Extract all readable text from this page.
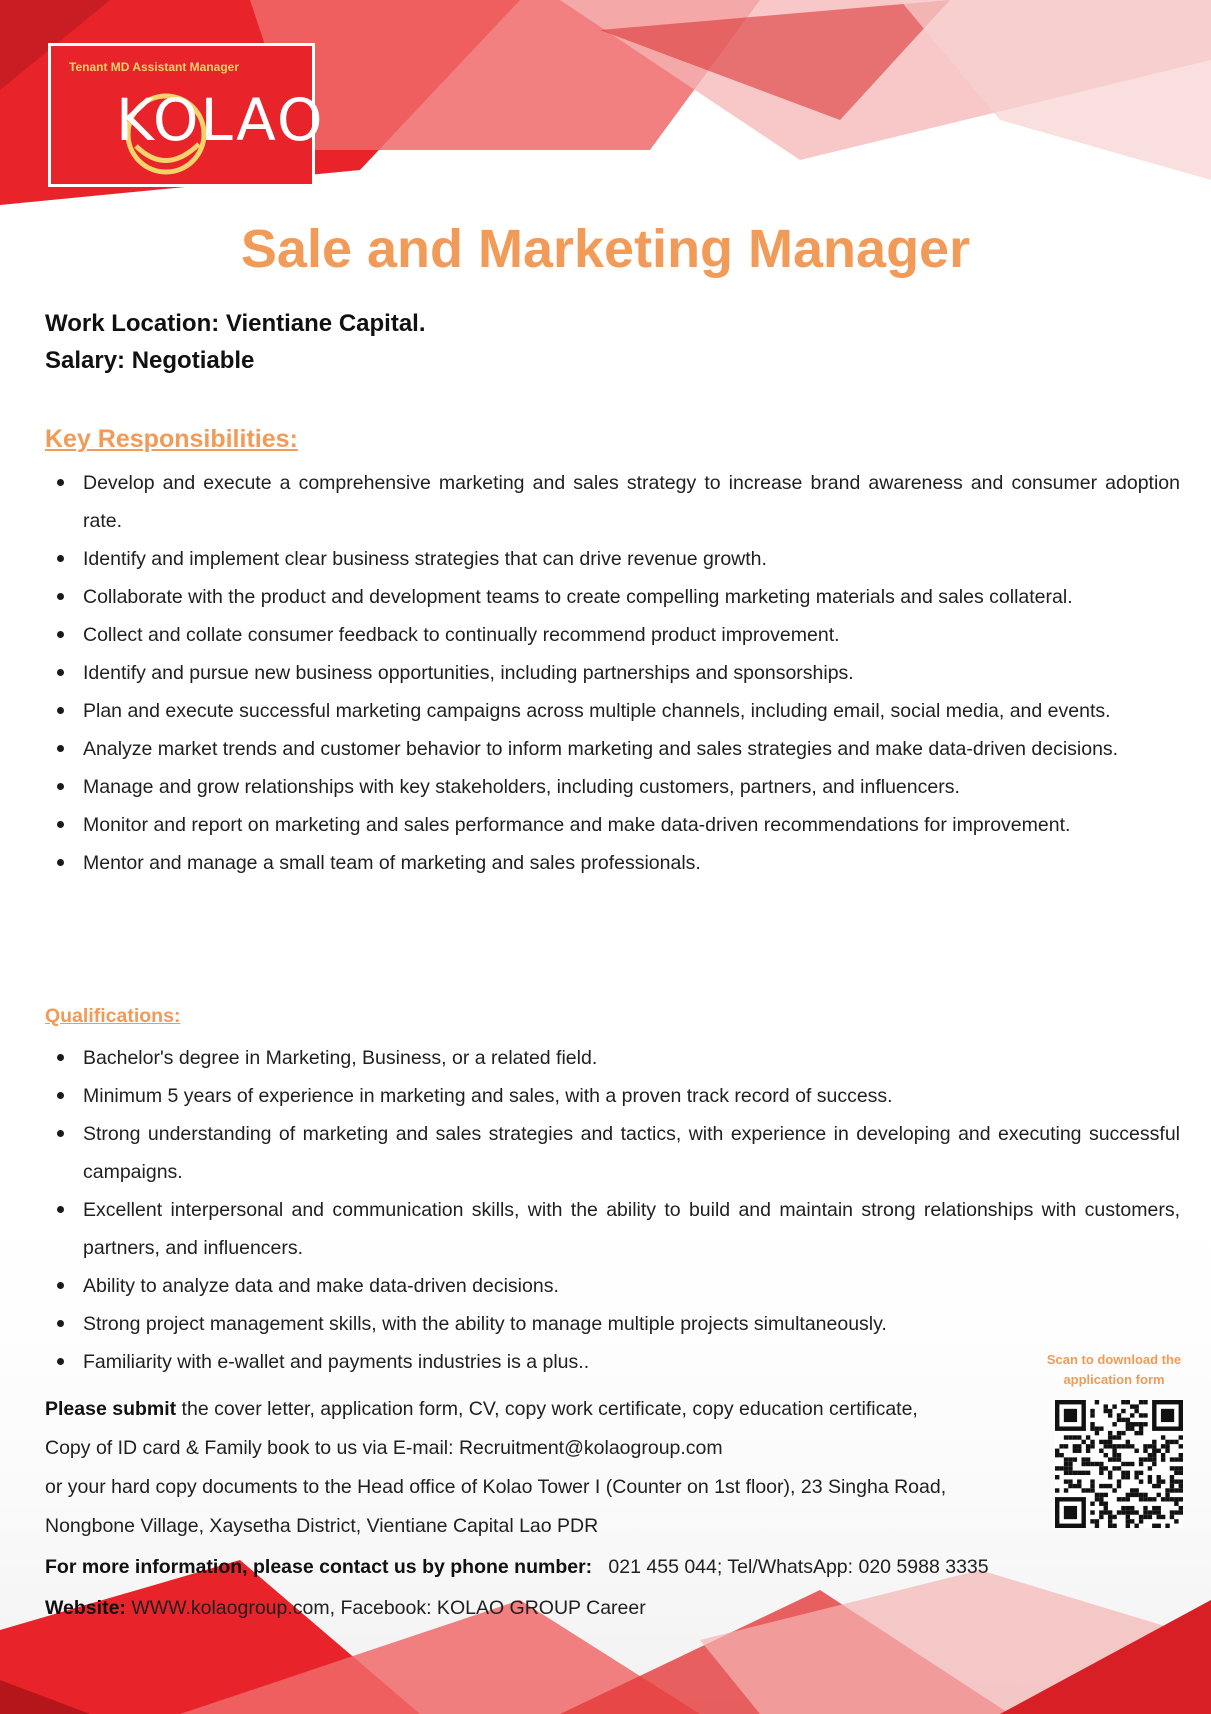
Tenant MD Assistant Manager
KOLAO
Sale and Marketing Manager
Work Location: Vientiane Capital.
Salary: Negotiable
Key Responsibilities:
Develop and execute a comprehensive marketing and sales strategy to increase brand awareness and consumer adoption rate.
Identify and implement clear business strategies that can drive revenue growth.
Collaborate with the product and development teams to create compelling marketing materials and sales collateral.
Collect and collate consumer feedback to continually recommend product improvement.
Identify and pursue new business opportunities, including partnerships and sponsorships.
Plan and execute successful marketing campaigns across multiple channels, including email, social media, and events.
Analyze market trends and customer behavior to inform marketing and sales strategies and make data-driven decisions.
Manage and grow relationships with key stakeholders, including customers, partners, and influencers.
Monitor and report on marketing and sales performance and make data-driven recommendations for improvement.
Mentor and manage a small team of marketing and sales professionals.
Qualifications:
Bachelor's degree in Marketing, Business, or a related field.
Minimum 5 years of experience in marketing and sales, with a proven track record of success.
Strong understanding of marketing and sales strategies and tactics, with experience in developing and executing successful campaigns.
Excellent interpersonal and communication skills, with the ability to build and maintain strong relationships with customers, partners, and influencers.
Ability to analyze data and make data-driven decisions.
Strong project management skills, with the ability to manage multiple projects simultaneously.
Familiarity with e-wallet and payments industries is a plus..	Scan to download the application form
Please submit the cover letter, application form, CV, copy work certificate, copy education certificate,
Copy of ID card & Family book to us via E-mail: Recruitment@kolaogroup.com
or your hard copy documents to the Head office of Kolao Tower I (Counter on 1st floor), 23 Singha Road,
Nongbone Village, Xaysetha District, Vientiane Capital Lao PDR
For more information, please contact us by phone number: 021 455 044; Tel/WhatsApp: 020 5988 3335
Website: WWW.kolaogroup.com, Facebook: KOLAO GROUP Career
